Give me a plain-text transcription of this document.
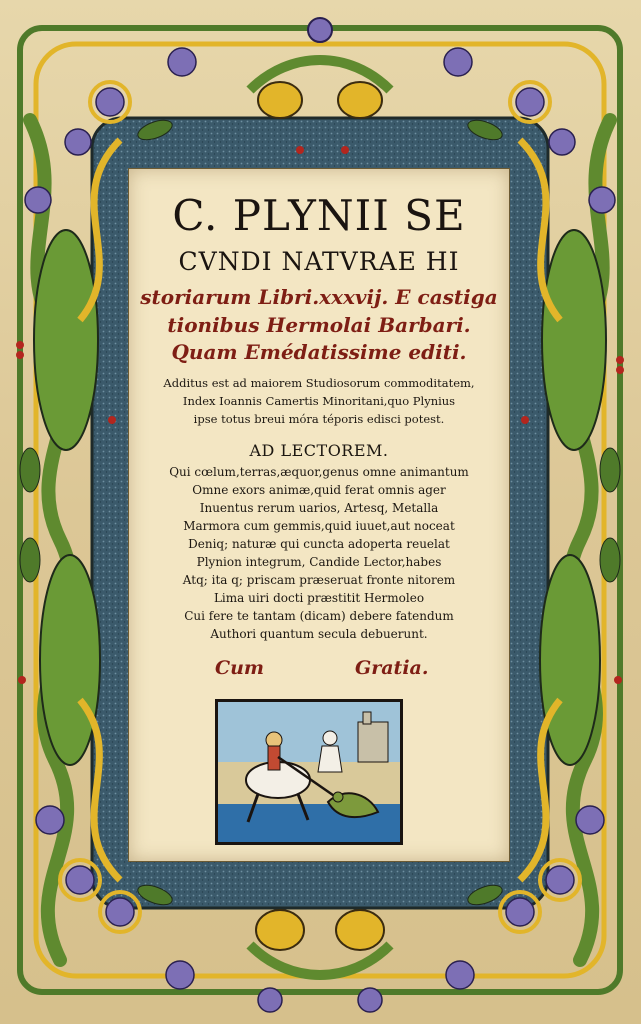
C. PLYNII SE
CVNDI NATVRAE HI
storiarum Libri.xxxvij. E castiga
tionibus Hermolai Barbari.
Quam Emédatissime editi.
Additus est ad maiorem Studiosorum commoditatem,
Index Ioannis Camertis Minoritani,quo Plynius
ipse totus breui móra téporis edisci potest.
AD LECTOREM.
Qui cœlum,terras,æquor,genus omne animantum
Omne exors animæ,quid ferat omnis ager
Inuentus rerum uarios, Artesq, Metalla
Marmora cum gemmis,quid iuuet,aut noceat
Deniq; naturæ qui cuncta adoperta reuelat
Plynion integrum, Candide Lector,habes
Atq; ita q; priscam præseruat fronte nitorem
Lima uiri docti præstitit Hermoleo
Cui fere te tantam (dicam) debere fatendum
Authori quantum secula debuerunt.
Cum	Gratia.
